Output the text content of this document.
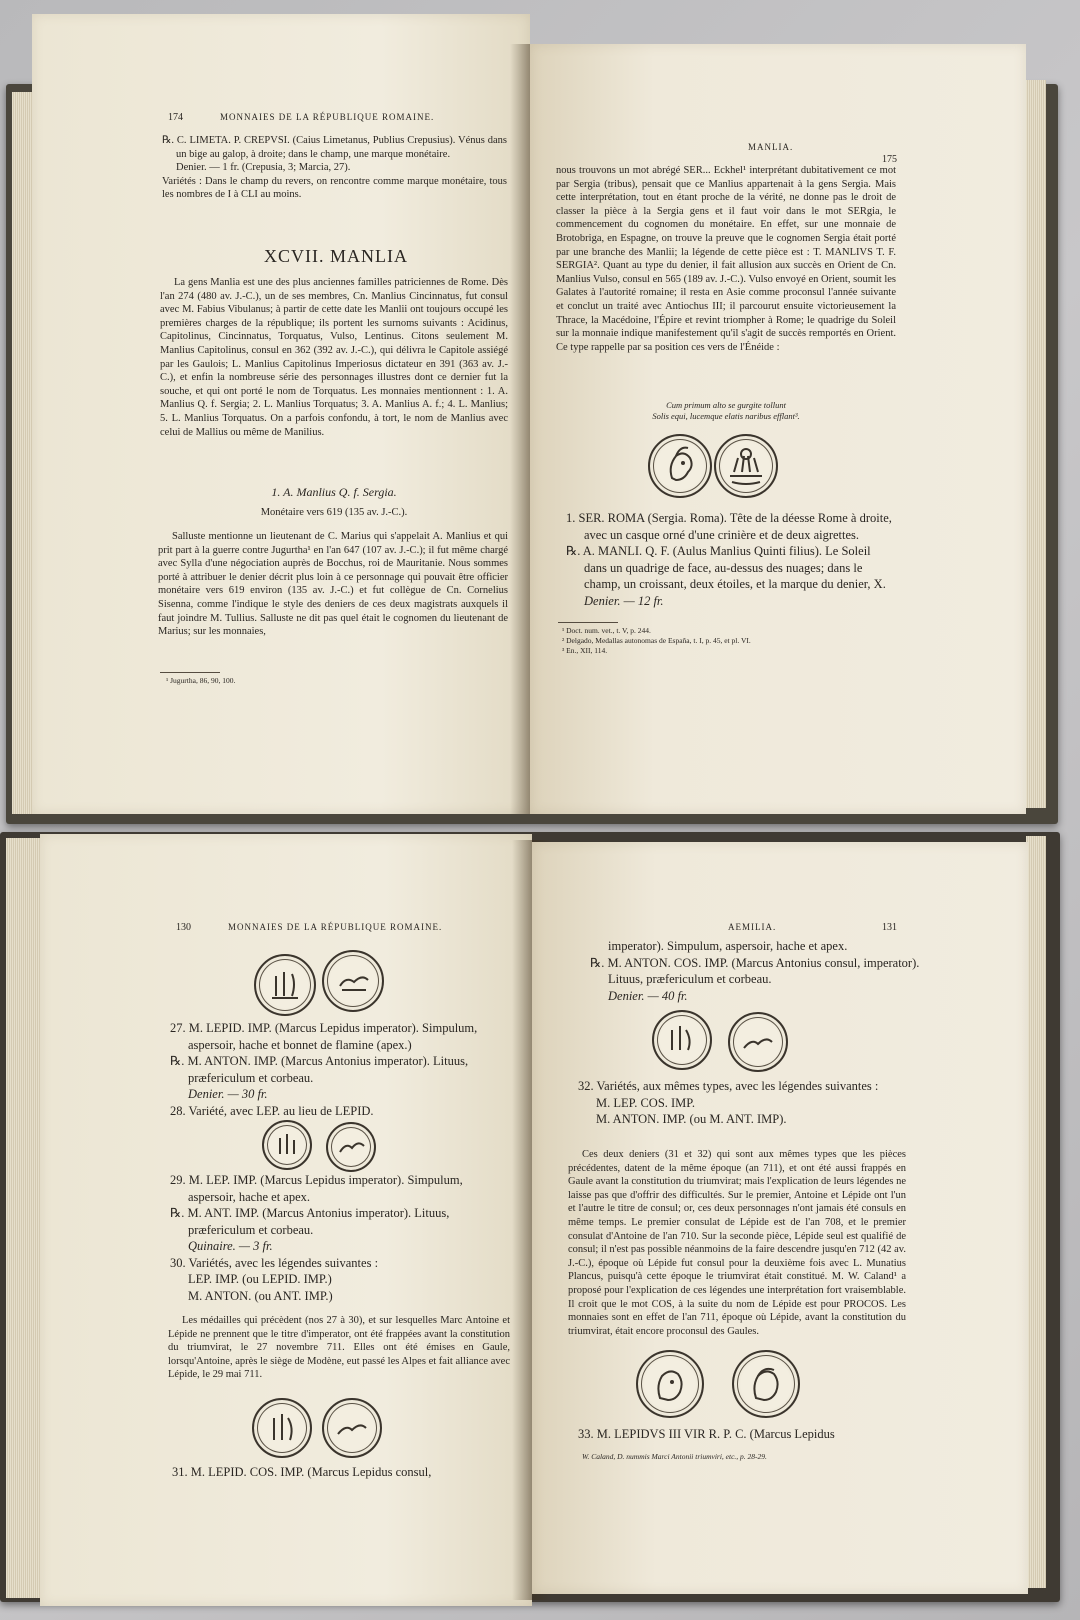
174	MONNAIES DE LA RÉPUBLIQUE ROMAINE.
℞. C. LIMETA. P. CREPVSI. (Caius Limetanus, Publius Crepusius). Vénus dans un bige au galop, à droite; dans le champ, une marque monétaire.
Denier. — 1 fr. (Crepusia, 3; Marcia, 27).
Variétés : Dans le champ du revers, on rencontre comme marque monétaire, tous les nombres de I à CLI au moins.
XCVII. MANLIA
La gens Manlia est une des plus anciennes familles patriciennes de Rome. Dès l'an 274 (480 av. J.-C.), un de ses membres, Cn. Manlius Cincinnatus, fut consul avec M. Fabius Vibulanus; à partir de cette date les Manlii ont toujours occupé les premières charges de la république; ils portent les surnoms suivants : Acidinus, Capitolinus, Cincinnatus, Torquatus, Vulso, Lentinus. Citons seulement M. Manlius Capitolinus, consul en 362 (392 av. J.-C.), qui délivra le Capitole assiégé par les Gaulois; L. Manlius Capitolinus Imperiosus dictateur en 391 (363 av. J.-C.), et enfin la nombreuse série des personnages illustres dont ce dernier fut la souche, et qui ont porté le nom de Torquatus. Les monnaies mentionnent : 1. A. Manlius Q. f. Sergia; 2. L. Manlius Torquatus; 3. A. Manlius A. f.; 4. L. Manlius; 5. L. Manlius Torquatus. On a parfois confondu, à tort, le nom de Manlius avec celui de Mallius ou même de Manilius.
1. A. Manlius Q. f. Sergia.
Monétaire vers 619 (135 av. J.-C.).
Salluste mentionne un lieutenant de C. Marius qui s'appelait A. Manlius et qui prit part à la guerre contre Jugurtha¹ en l'an 647 (107 av. J.-C.); il fut même chargé avec Sylla d'une négociation auprès de Bocchus, roi de Mauritanie. Nous sommes porté à attribuer le denier décrit plus loin à ce personnage qui pouvait être officier monétaire vers 619 environ (135 av. J.-C.) et fut collègue de Cn. Cornelius Sisenna, comme l'indique le style des deniers de ces deux magistrats auxquels il faut joindre M. Tullius. Salluste ne dit pas quel était le cognomen du lieutenant de Marius; sur les monnaies,
¹ Jugurtha, 86, 90, 100.
MANLIA.
175
nous trouvons un mot abrégé SER... Eckhel¹ interprétant dubitativement ce mot par Sergia (tribus), pensait que ce Manlius appartenait à la gens Sergia. Mais cette interprétation, tout en étant proche de la vérité, ne donne pas le droit de classer la pièce à la Sergia gens et il faut voir dans le mot SERgia, le commencement du cognomen du monétaire. En effet, sur une monnaie de Brotobriga, en Espagne, on trouve la preuve que le cognomen Sergia était porté par une branche des Manlii; la légende de cette pièce est : T. MANLIVS T. F. SERGIA². Quant au type du denier, il fait allusion aux succès en Orient de Cn. Manlius Vulso, consul en 565 (189 av. J.-C.). Vulso envoyé en Orient, soumit les Galates à l'autorité romaine; il resta en Asie comme proconsul l'année suivante et conclut un traité avec Antiochus III; il parcourut ensuite victorieusement la Thrace, la Macédoine, l'Épire et revint triompher à Rome; le quadrige du Soleil sur la monnaie indique manifestement qu'il s'agit de succès remportés en Orient. Ce type rappelle par sa position ces vers de l'Énéide :
Cum primum alto se gurgite tollunt
Solis equi, lucemque elatis naribus efflant³.
1. SER. ROMA (Sergia. Roma). Tête de la déesse Rome à droite, avec un casque orné d'une crinière et de deux aigrettes.
℞. A. MANLI. Q. F. (Aulus Manlius Quinti filius). Le Soleil dans un quadrige de face, au-dessus des nuages; dans le champ, un croissant, deux étoiles, et la marque du denier, X.
Denier. — 12 fr.
¹ Doct. num. vet., t. V, p. 244.
² Delgado, Medallas autonomas de España, t. I, p. 45, et pl. VI.
³ En., XII, 114.
130	MONNAIES DE LA RÉPUBLIQUE ROMAINE.
27. M. LEPID. IMP. (Marcus Lepidus imperator). Simpulum, aspersoir, hache et bonnet de flamine (apex.)
℞. M. ANTON. IMP. (Marcus Antonius imperator). Lituus, præfericulum et corbeau.
Denier. — 30 fr.
28. Variété, avec LEP. au lieu de LEPID.
29. M. LEP. IMP. (Marcus Lepidus imperator). Simpulum, aspersoir, hache et apex.
℞. M. ANT. IMP. (Marcus Antonius imperator). Lituus, præfericulum et corbeau.
Quinaire. — 3 fr.
30. Variétés, avec les légendes suivantes :
LEP. IMP. (ou LEPID. IMP.)
M. ANTON. (ou ANT. IMP.)
Les médailles qui précèdent (nos 27 à 30), et sur lesquelles Marc Antoine et Lépide ne prennent que le titre d'imperator, ont été frappées avant la constitution du triumvirat, le 27 novembre 711. Elles ont été émises en Gaule, lorsqu'Antoine, après le siège de Modène, eut passé les Alpes et fait alliance avec Lépide, le 29 mai 711.
31. M. LEPID. COS. IMP. (Marcus Lepidus consul,
AEMILIA.	131
imperator). Simpulum, aspersoir, hache et apex.
℞. M. ANTON. COS. IMP. (Marcus Antonius consul, imperator). Lituus, præfericulum et corbeau.
Denier. — 40 fr.
32. Variétés, aux mêmes types, avec les légendes suivantes :
M. LEP. COS. IMP.
M. ANTON. IMP. (ou M. ANT. IMP).
Ces deux deniers (31 et 32) qui sont aux mêmes types que les pièces précédentes, datent de la même époque (an 711), et ont été aussi frappés en Gaule avant la constitution du triumvirat; mais l'explication de leurs légendes ne laisse pas que d'offrir des difficultés. Sur le premier, Antoine et Lépide ont l'un et l'autre le titre de consul; or, ces deux personnages n'ont jamais été consuls en même temps. Le premier consulat de Lépide est de l'an 708, et le premier consulat d'Antoine de l'an 710. Sur la seconde pièce, Lépide seul est qualifié de consul; il n'est pas possible néanmoins de la faire descendre jusqu'en 712 (42 av. J.-C.), époque où Lépide fut consul pour la deuxième fois avec L. Munatius Plancus, puisqu'à cette époque le triumvirat était constitué. M. W. Caland¹ a proposé pour l'explication de ces légendes une interprétation fort vraisemblable. Il croit que le mot COS, à la suite du nom de Lépide est pour PROCOS. Les monnaies sont en effet de l'an 711, époque où Lépide, avant la constitution du triumvirat, était encore proconsul des Gaules.
33. M. LEPIDVS III VIR R. P. C. (Marcus Lepidus
W. Caland, D. nummis Marci Antonii triumviri, etc., p. 28-29.
